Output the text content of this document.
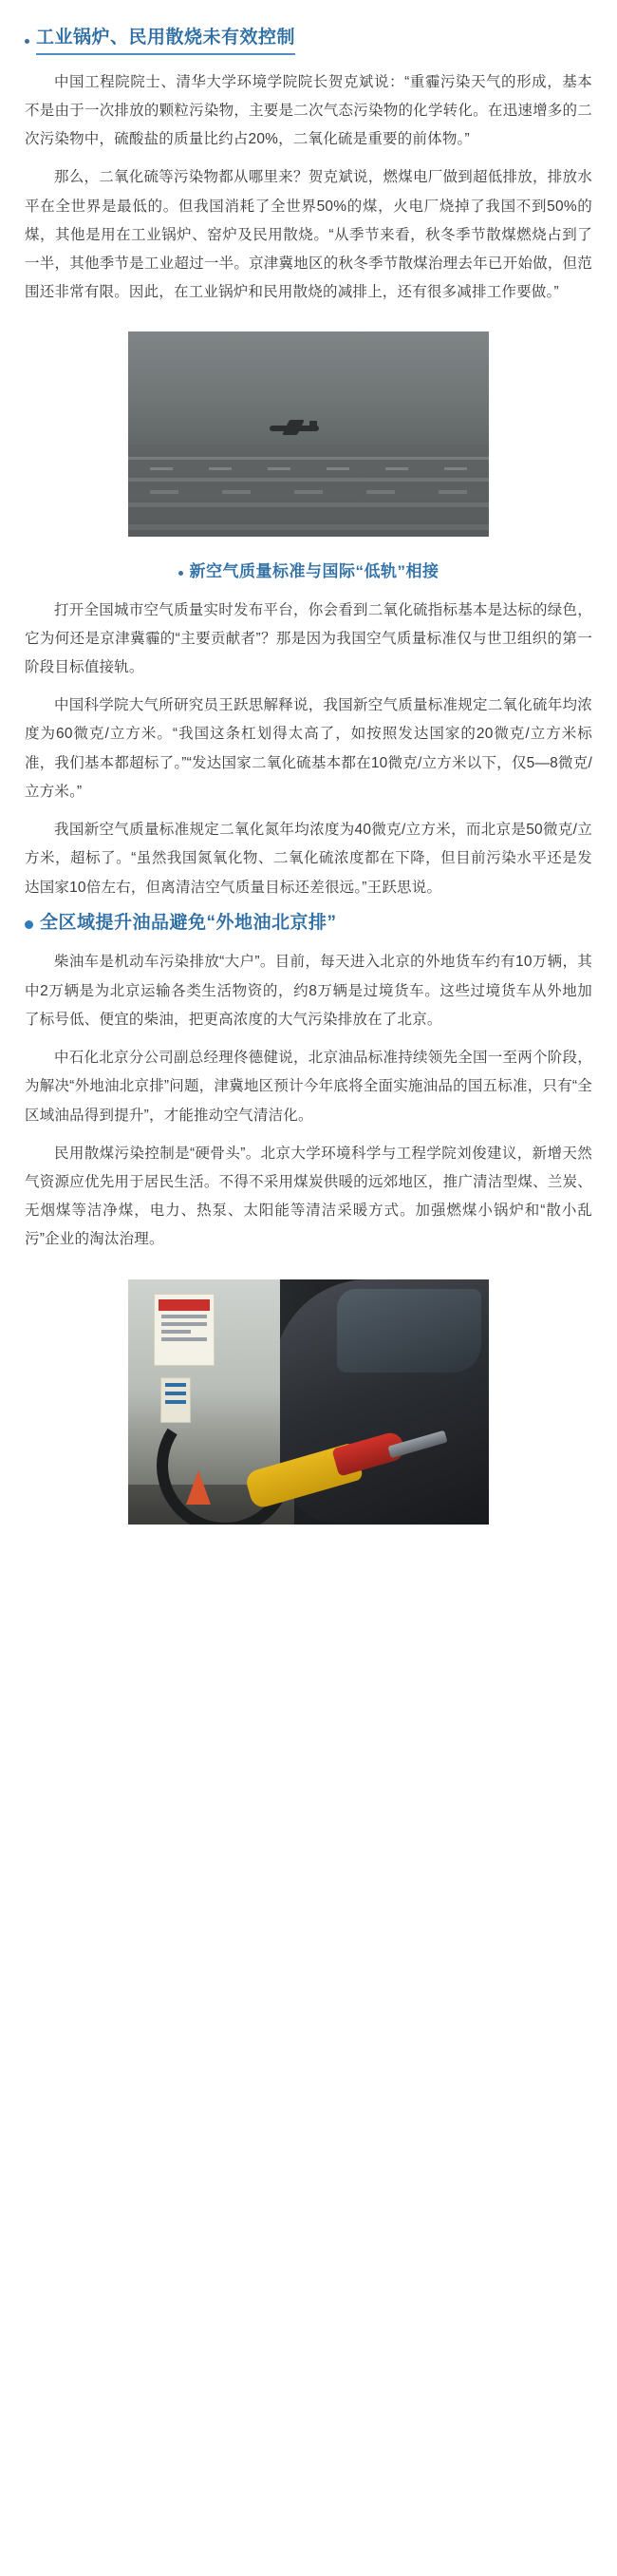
工业锅炉、民用散烧未有效控制

中国工程院院士、清华大学环境学院院长贺克斌说：“重霾污染天气的形成，基本不是由于一次排放的颗粒污染物，主要是二次气态污染物的化学转化。在迅速增多的二次污染物中，硫酸盐的质量比约占20%，二氧化硫是重要的前体物。”

那么，二氧化硫等污染物都从哪里来？贺克斌说，燃煤电厂做到超低排放，排放水平在全世界是最低的。但我国消耗了全世界50%的煤，火电厂烧掉了我国不到50%的煤，其他是用在工业锅炉、窑炉及民用散烧。“从季节来看，秋冬季节散煤燃烧占到了一半，其他季节是工业超过一半。京津冀地区的秋冬季节散煤治理去年已开始做，但范围还非常有限。因此，在工业锅炉和民用散烧的减排上，还有很多减排工作要做。”

新空气质量标准与国际“低轨”相接

打开全国城市空气质量实时发布平台，你会看到二氧化硫指标基本是达标的绿色，它为何还是京津冀霾的“主要贡献者”？那是因为我国空气质量标准仅与世卫组织的第一阶段目标值接轨。

中国科学院大气所研究员王跃思解释说，我国新空气质量标准规定二氧化硫年均浓度为60微克/立方米。“我国这条杠划得太高了，如按照发达国家的20微克/立方米标准，我们基本都超标了。”“发达国家二氧化硫基本都在10微克/立方米以下，仅5—8微克/立方米。”

我国新空气质量标准规定二氧化氮年均浓度为40微克/立方米，而北京是50微克/立方米，超标了。“虽然我国氮氧化物、二氧化硫浓度都在下降，但目前污染水平还是发达国家10倍左右，但离清洁空气质量目标还差很远。”王跃思说。

全区域提升油品避免“外地油北京排”

柴油车是机动车污染排放“大户”。目前，每天进入北京的外地货车约有10万辆，其中2万辆是为北京运输各类生活物资的，约8万辆是过境货车。这些过境货车从外地加了标号低、便宜的柴油，把更高浓度的大气污染排放在了北京。

中石化北京分公司副总经理佟德健说，北京油品标准持续领先全国一至两个阶段，为解决“外地油北京排”问题，津冀地区预计今年底将全面实施油品的国五标准，只有“全区域油品得到提升”，才能推动空气清洁化。

民用散煤污染控制是“硬骨头”。北京大学环境科学与工程学院刘俊建议，新增天然气资源应优先用于居民生活。不得不采用煤炭供暖的远郊地区，推广清洁型煤、兰炭、无烟煤等洁净煤，电力、热泵、太阳能等清洁采暖方式。加强燃煤小锅炉和“散小乱污”企业的淘汰治理。
